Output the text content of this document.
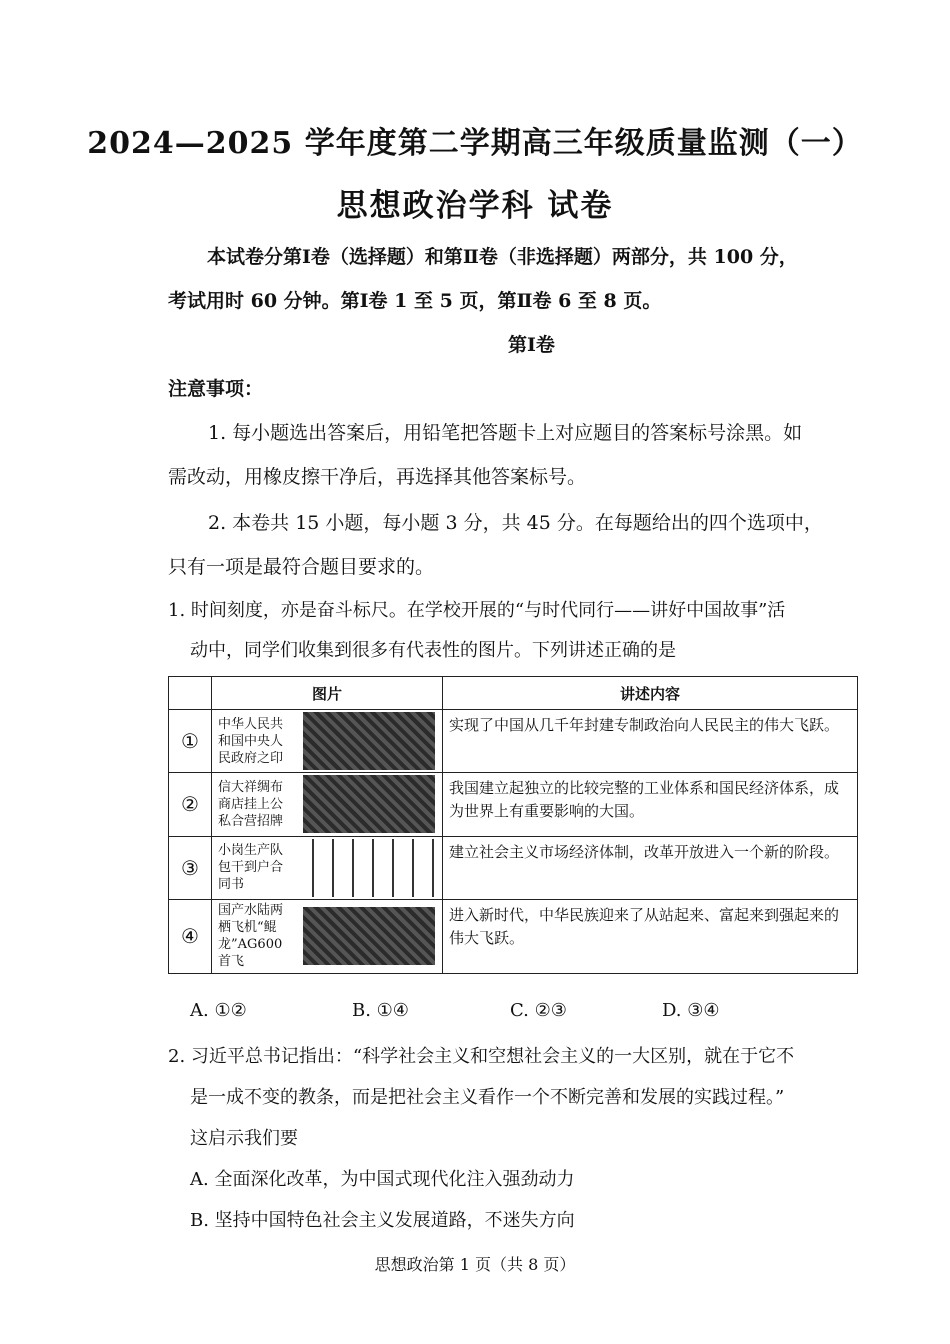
2024—2025 学年度第二学期高三年级质量监测（一）
思想政治学科 试卷
本试卷分第Ⅰ卷（选择题）和第Ⅱ卷（非选择题）两部分，共 100 分，
考试用时 60 分钟。第Ⅰ卷 1 至 5 页，第Ⅱ卷 6 至 8 页。
第Ⅰ卷
注意事项：
1. 每小题选出答案后，用铅笔把答题卡上对应题目的答案标号涂黑。如
需改动，用橡皮擦干净后，再选择其他答案标号。
2. 本卷共 15 小题，每小题 3 分，共 45 分。在每题给出的四个选项中，
只有一项是最符合题目要求的。
1. 时间刻度，亦是奋斗标尺。在学校开展的“与时代同行——讲好中国故事”活
动中，同学们收集到很多有代表性的图片。下列讲述正确的是
	图片	讲述内容
①	中华人民共
和国中央人
民政府之印	实现了中国从几千年封建专制政治向人民民主的伟大飞跃。
②	信大祥绸布
商店挂上公
私合营招牌	我国建立起独立的比较完整的工业体系和国民经济体系，成为世界上有重要影响的大国。
③	小岗生产队
包干到户合
同书	建立社会主义市场经济体制，改革开放进入一个新的阶段。
④	国产水陆两
栖飞机“鲲
龙”AG600
首飞	进入新时代，中华民族迎来了从站起来、富起来到强起来的伟大飞跃。
A. ①②	B. ①④	C. ②③	D. ③④
2. 习近平总书记指出：“科学社会主义和空想社会主义的一大区别，就在于它不
是一成不变的教条，而是把社会主义看作一个不断完善和发展的实践过程。”
这启示我们要
A. 全面深化改革，为中国式现代化注入强劲动力
B. 坚持中国特色社会主义发展道路，不迷失方向
思想政治第 1 页（共 8 页）
